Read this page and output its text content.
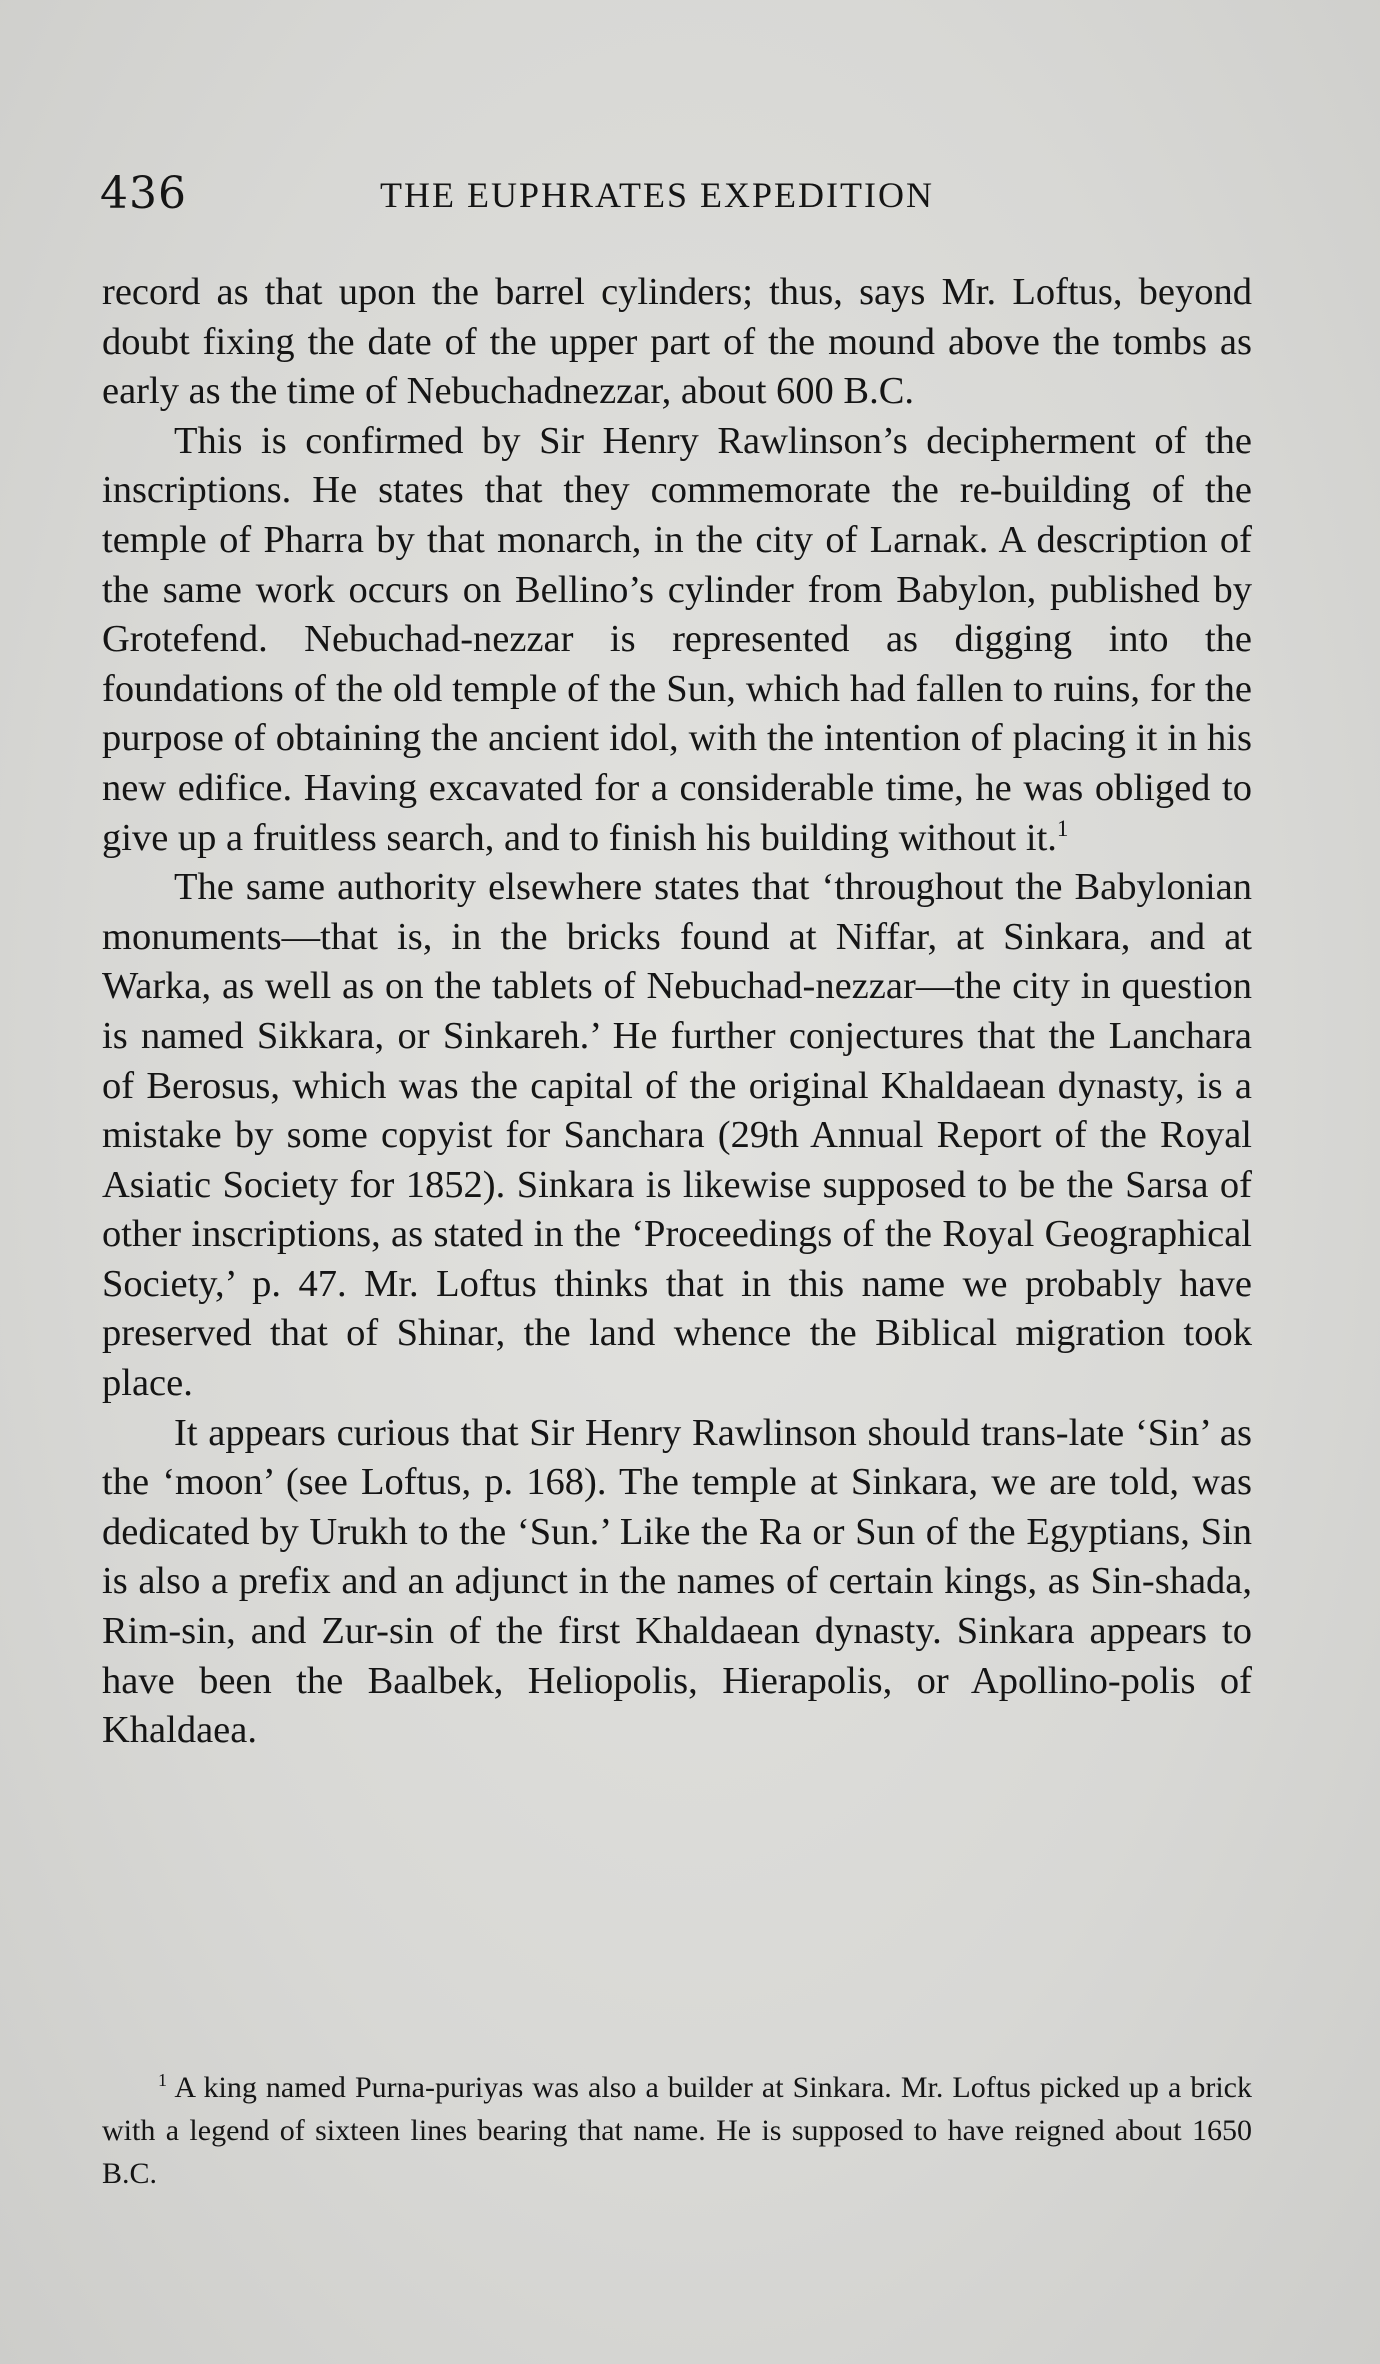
436	THE EUPHRATES EXPEDITION

record as that upon the barrel cylinders; thus, says Mr. Loftus, beyond doubt fixing the date of the upper part of the mound above the tombs as early as the time of Nebuchadnezzar, about 600 B.C.

This is confirmed by Sir Henry Rawlinson’s decipherment of the inscriptions. He states that they commemorate the re-building of the temple of Pharra by that monarch, in the city of Larnak. A description of the same work occurs on Bellino’s cylinder from Babylon, published by Grotefend. Nebuchad-nezzar is represented as digging into the foundations of the old temple of the Sun, which had fallen to ruins, for the purpose of obtaining the ancient idol, with the intention of placing it in his new edifice. Having excavated for a considerable time, he was obliged to give up a fruitless search, and to finish his building without it.$^1$

The same authority elsewhere states that ‘throughout the Babylonian monuments—that is, in the bricks found at Niffar, at Sinkara, and at Warka, as well as on the tablets of Nebuchad-nezzar—the city in question is named Sikkara, or Sinkareh.’ He further conjectures that the Lanchara of Berosus, which was the capital of the original Khaldaean dynasty, is a mistake by some copyist for Sanchara (29th Annual Report of the Royal Asiatic Society for 1852). Sinkara is likewise supposed to be the Sarsa of other inscriptions, as stated in the ‘Proceedings of the Royal Geographical Society,’ p. 47. Mr. Loftus thinks that in this name we probably have preserved that of Shinar, the land whence the Biblical migration took place.

It appears curious that Sir Henry Rawlinson should trans-late ‘Sin’ as the ‘moon’ (see Loftus, p. 168). The temple at Sinkara, we are told, was dedicated by Urukh to the ‘Sun.’ Like the Ra or Sun of the Egyptians, Sin is also a prefix and an adjunct in the names of certain kings, as Sin-shada, Rim-sin, and Zur-sin of the first Khaldaean dynasty. Sinkara appears to have been the Baalbek, Heliopolis, Hierapolis, or Apollino-polis of Khaldaea.

$^1$ A king named Purna-puriyas was also a builder at Sinkara. Mr. Loftus picked up a brick with a legend of sixteen lines bearing that name. He is supposed to have reigned about 1650 B.C.
